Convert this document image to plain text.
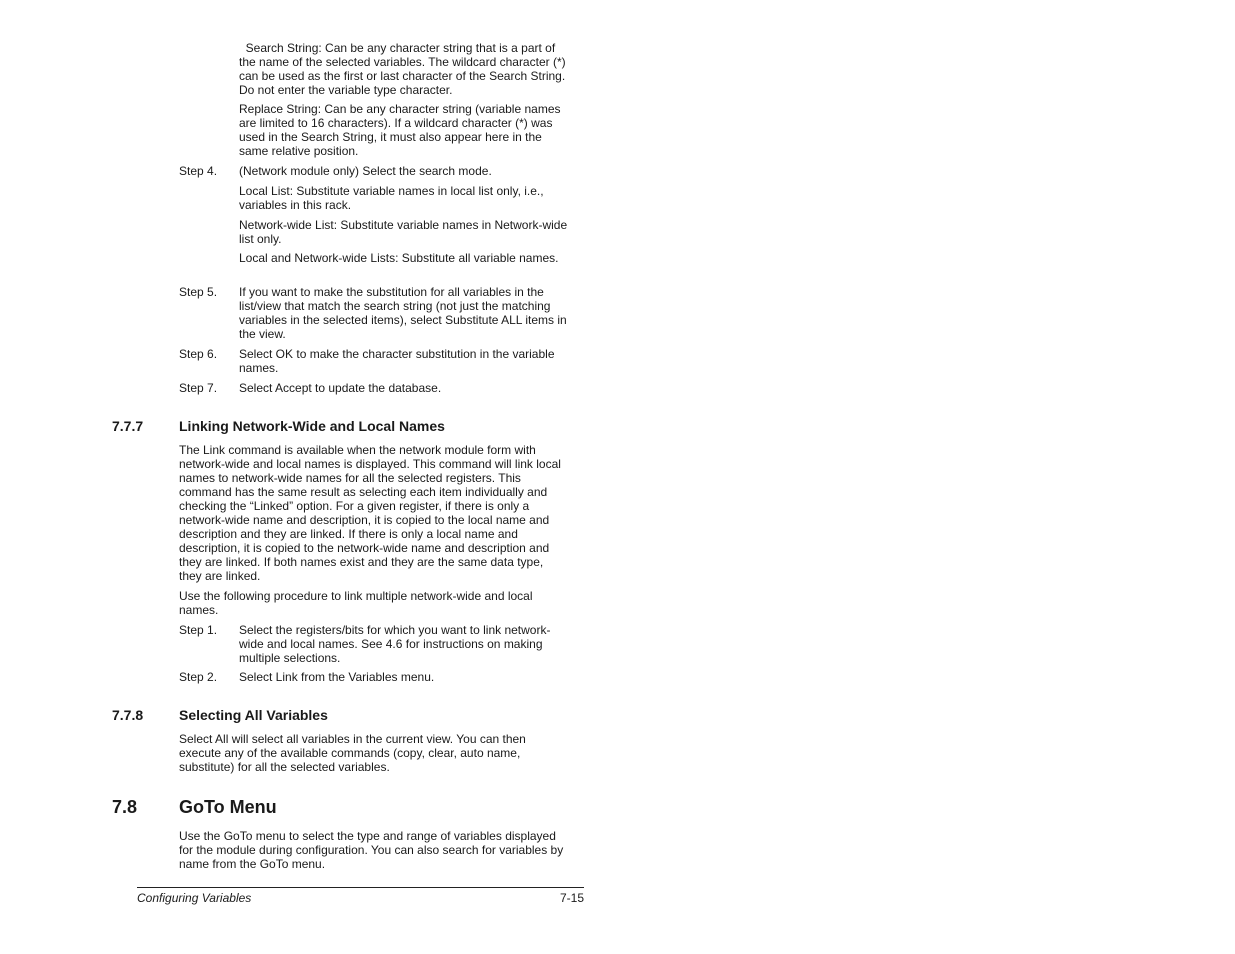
Search String: Can be any character string that is a part of the name of the selected variables. The wildcard character (*) can be used as the first or last character of the Search String. Do not enter the variable type character.

Replace String: Can be any character string (variable names are limited to 16 characters). If a wildcard character (*) was used in the Search String, it must also appear here in the same relative position.

Step 4. (Network module only) Select the search mode.

Local List: Substitute variable names in local list only, i.e., variables in this rack.

Network-wide List: Substitute variable names in Network-wide list only.

Local and Network-wide Lists: Substitute all variable names.

Step 5. If you want to make the substitution for all variables in the list/view that match the search string (not just the matching variables in the selected items), select Substitute ALL items in the view.

Step 6. Select OK to make the character substitution in the variable names.

Step 7. Select Accept to update the database.

7.7.7	Linking Network-Wide and Local Names

The Link command is available when the network module form with network-wide and local names is displayed. This command will link local names to network-wide names for all the selected registers. This command has the same result as selecting each item individually and checking the “Linked” option. For a given register, if there is only a network-wide name and description, it is copied to the local name and description and they are linked. If there is only a local name and description, it is copied to the network-wide name and description and they are linked. If both names exist and they are the same data type, they are linked.

Use the following procedure to link multiple network-wide and local names.

Step 1. Select the registers/bits for which you want to link network-wide and local names. See 4.6 for instructions on making multiple selections.

Step 2. Select Link from the Variables menu.

7.7.8	Selecting All Variables

Select All will select all variables in the current view. You can then execute any of the available commands (copy, clear, auto name, substitute) for all the selected variables.

7.8 GoTo Menu

Use the GoTo menu to select the type and range of variables displayed for the module during configuration. You can also search for variables by name from the GoTo menu.

Configuring Variables	7-15
